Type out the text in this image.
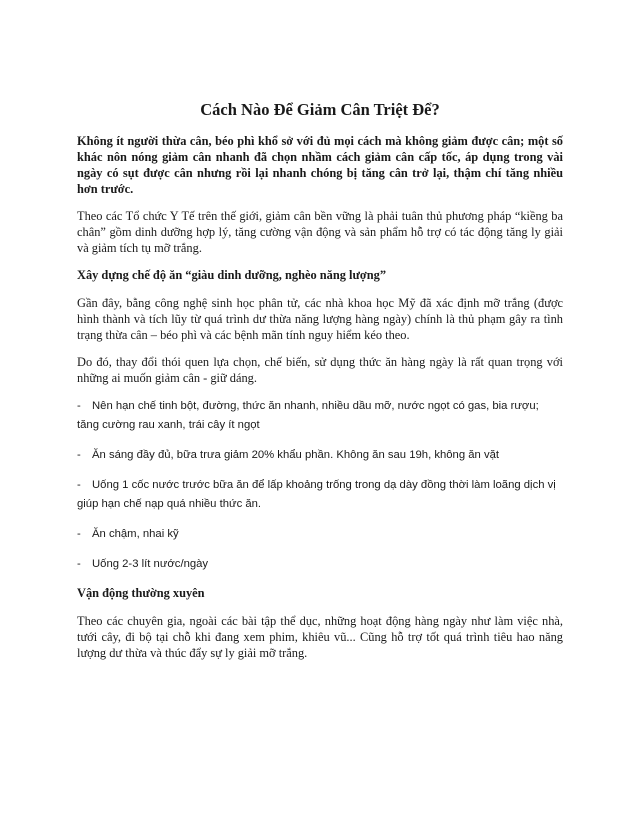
Cách Nào Để Giảm Cân Triệt Để?

Không ít người thừa cân, béo phì khổ sở với đủ mọi cách mà không giảm được cân; một số khác nôn nóng giảm cân nhanh đã chọn nhầm cách giảm cân cấp tốc, áp dụng trong vài ngày có sụt được cân nhưng rồi lại nhanh chóng bị tăng cân trở lại, thậm chí tăng nhiều hơn trước.

Theo các Tổ chức Y Tế trên thế giới, giảm cân bền vững là phải tuân thủ phương pháp “kiềng ba chân” gồm dinh dưỡng hợp lý, tăng cường vận động và sản phẩm hỗ trợ có tác động tăng ly giải và giảm tích tụ mỡ trắng.

Xây dựng chế độ ăn “giàu dinh dưỡng, nghèo năng lượng”

Gần đây, bằng công nghệ sinh học phân tử, các nhà khoa học Mỹ đã xác định mỡ trắng (được hình thành và tích lũy từ quá trình dư thừa năng lượng hàng ngày) chính là thủ phạm gây ra tình trạng thừa cân – béo phì và các bệnh mãn tính nguy hiểm kéo theo.

Do đó, thay đổi thói quen lựa chọn, chế biến, sử dụng thức ăn hàng ngày là rất quan trọng với những ai muốn giảm cân - giữ dáng.

- Nên hạn chế tinh bột, đường, thức ăn nhanh, nhiều dầu mỡ, nước ngọt có gas, bia rượu; tăng cường rau xanh, trái cây ít ngọt
- Ăn sáng đầy đủ, bữa trưa giảm 20% khẩu phần. Không ăn sau 19h, không ăn vặt
- Uống 1 cốc nước trước bữa ăn để lấp khoảng trống trong dạ dày đồng thời làm loãng dịch vị giúp hạn chế nạp quá nhiều thức ăn.
- Ăn chậm, nhai kỹ
- Uống 2-3 lít nước/ngày
Vận động thường xuyên

Theo các chuyên gia, ngoài các bài tập thể dục, những hoạt động hàng ngày như làm việc nhà, tưới cây, đi bộ tại chỗ khi đang xem phim, khiêu vũ... Cũng hỗ trợ tốt quá trình tiêu hao năng lượng dư thừa và thúc đẩy sự ly giải mỡ trắng.
